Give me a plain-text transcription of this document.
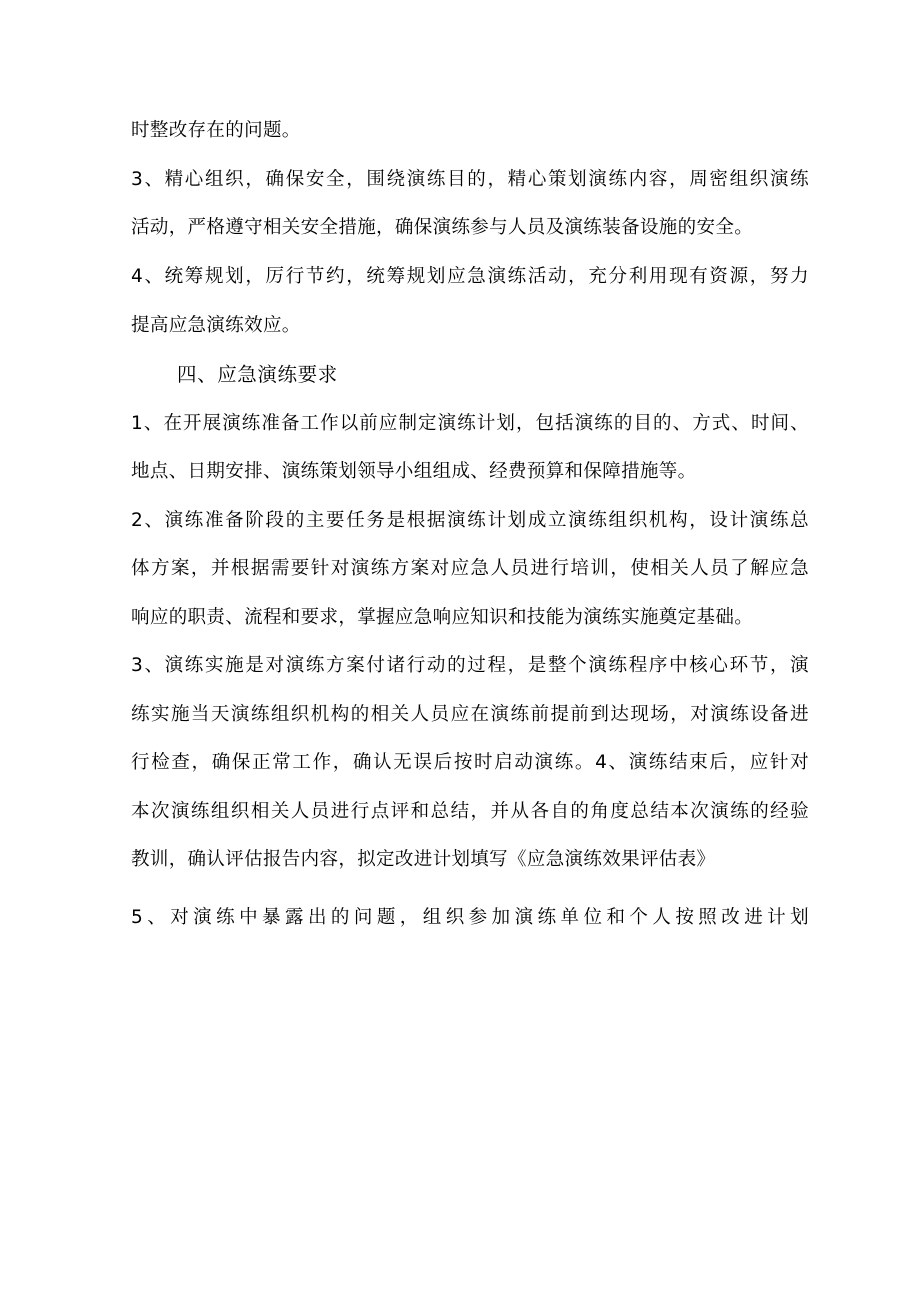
时整改存在的问题。
3、精心组织，确保安全，围绕演练目的，精心策划演练内容，周密组织演练
活动，严格遵守相关安全措施，确保演练参与人员及演练装备设施的安全。
4、统筹规划，厉行节约，统筹规划应急演练活动，充分利用现有资源，努力
提高应急演练效应。
四、应急演练要求
1、在开展演练准备工作以前应制定演练计划，包括演练的目的、方式、时间、
地点、日期安排、演练策划领导小组组成、经费预算和保障措施等。
2、演练准备阶段的主要任务是根据演练计划成立演练组织机构，设计演练总
体方案，并根据需要针对演练方案对应急人员进行培训，使相关人员了解应急
响应的职责、流程和要求，掌握应急响应知识和技能为演练实施奠定基础。
3、演练实施是对演练方案付诸行动的过程，是整个演练程序中核心环节，演
练实施当天演练组织机构的相关人员应在演练前提前到达现场，对演练设备进
行检查，确保正常工作，确认无误后按时启动演练。4、演练结束后，应针对
本次演练组织相关人员进行点评和总结，并从各自的角度总结本次演练的经验
教训，确认评估报告内容，拟定改进计划填写《应急演练效果评估表》
5、对演练中暴露出的问题，组织参加演练单位和个人按照改进计划
